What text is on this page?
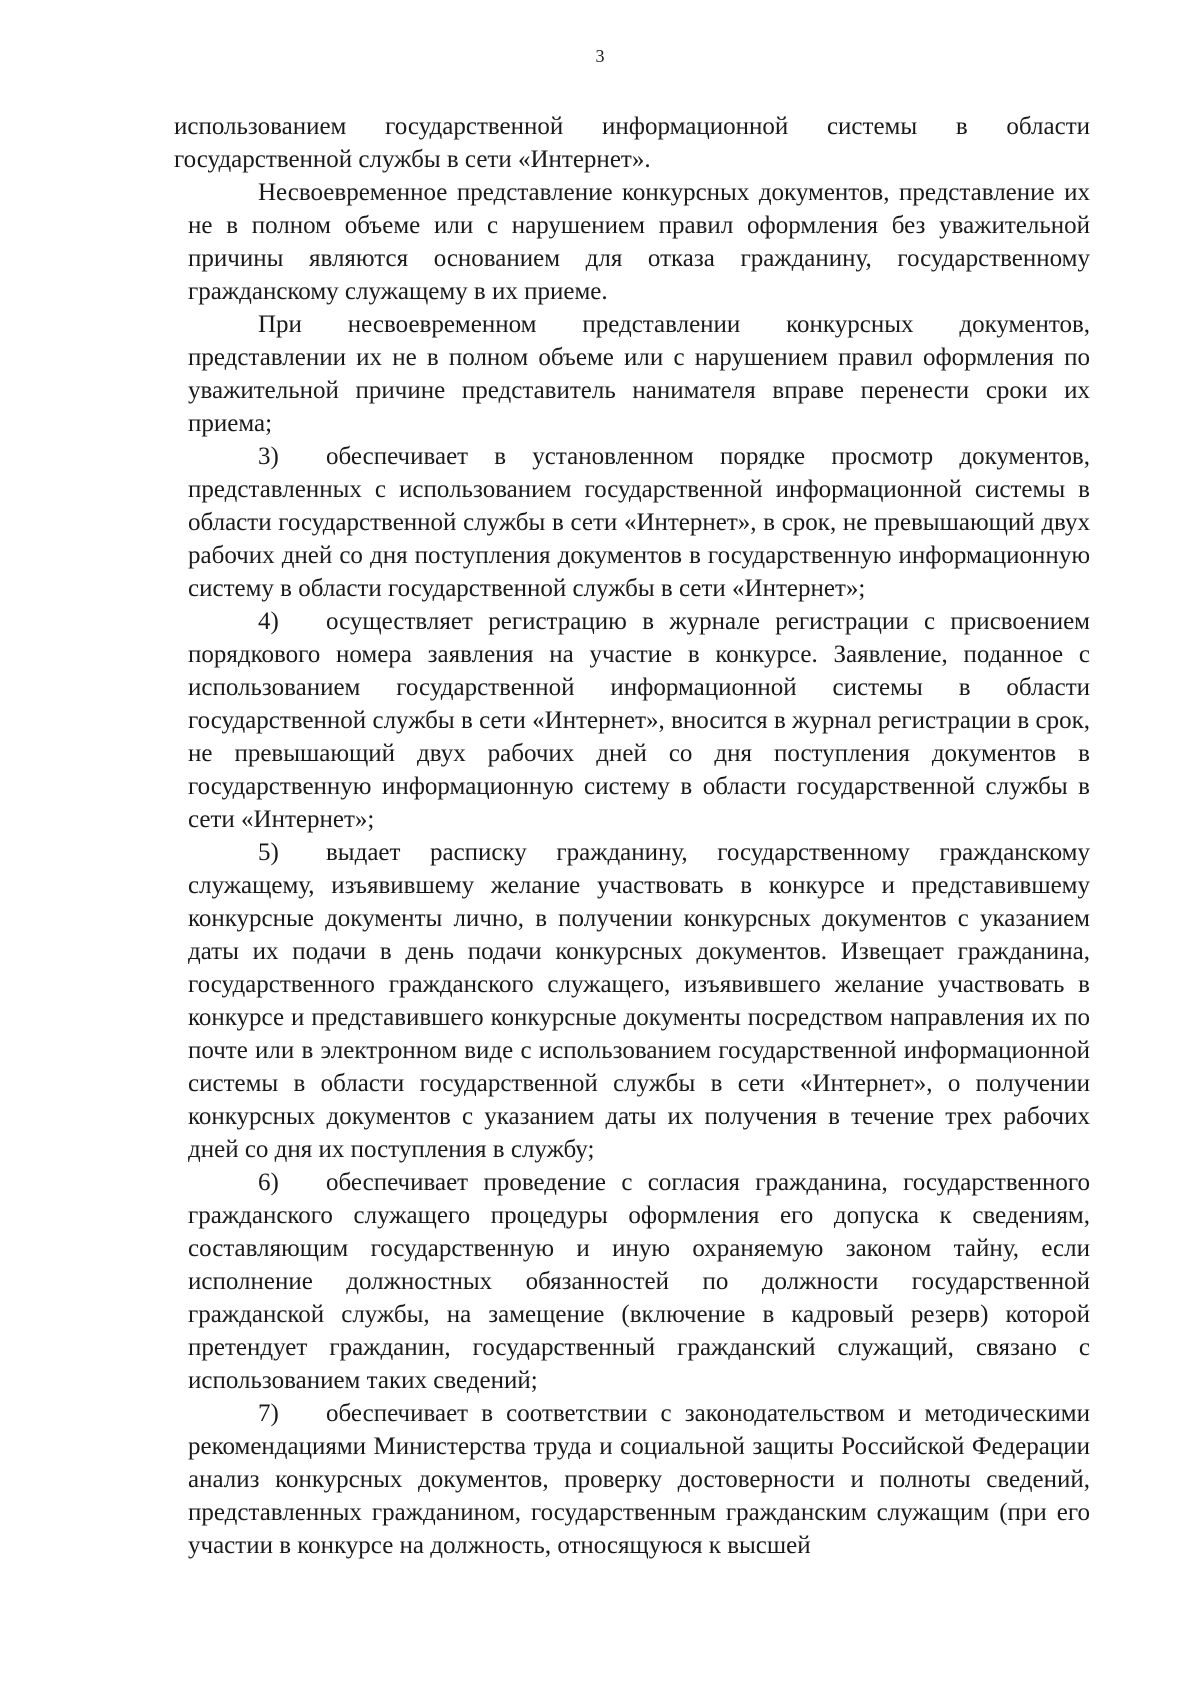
3

использованием государственной информационной системы в области государственной службы в сети «Интернет».

Несвоевременное представление конкурсных документов, представление их не в полном объеме или с нарушением правил оформления без уважительной причины являются основанием для отказа гражданину, государственному гражданскому служащему в их приеме.

При несвоевременном представлении конкурсных документов, представлении их не в полном объеме или с нарушением правил оформления по уважительной причине представитель нанимателя вправе перенести сроки их приема;

3) обеспечивает в установленном порядке просмотр документов, представленных с использованием государственной информационной системы в области государственной службы в сети «Интернет», в срок, не превышающий двух рабочих дней со дня поступления документов в государственную информационную систему в области государственной службы в сети «Интернет»;

4) осуществляет регистрацию в журнале регистрации с присвоением порядкового номера заявления на участие в конкурсе. Заявление, поданное с использованием государственной информационной системы в области государственной службы в сети «Интернет», вносится в журнал регистрации в срок, не превышающий двух рабочих дней со дня поступления документов в государственную информационную систему в области государственной службы в сети «Интернет»;

5) выдает расписку гражданину, государственному гражданскому служащему, изъявившему желание участвовать в конкурсе и представившему конкурсные документы лично, в получении конкурсных документов с указанием даты их подачи в день подачи конкурсных документов. Извещает гражданина, государственного гражданского служащего, изъявившего желание участвовать в конкурсе и представившего конкурсные документы посредством направления их по почте или в электронном виде с использованием государственной информационной системы в области государственной службы в сети «Интернет», о получении конкурсных документов с указанием даты их получения в течение трех рабочих дней со дня их поступления в службу;

6) обеспечивает проведение с согласия гражданина, государственного гражданского служащего процедуры оформления его допуска к сведениям, составляющим государственную и иную охраняемую законом тайну, если исполнение должностных обязанностей по должности государственной гражданской службы, на замещение (включение в кадровый резерв) которой претендует гражданин, государственный гражданский служащий, связано с использованием таких сведений;

7) обеспечивает в соответствии с законодательством и методическими рекомендациями Министерства труда и социальной защиты Российской Федерации анализ конкурсных документов, проверку достоверности и полноты сведений, представленных гражданином, государственным гражданским служащим (при его участии в конкурсе на должность, относящуюся к высшей
